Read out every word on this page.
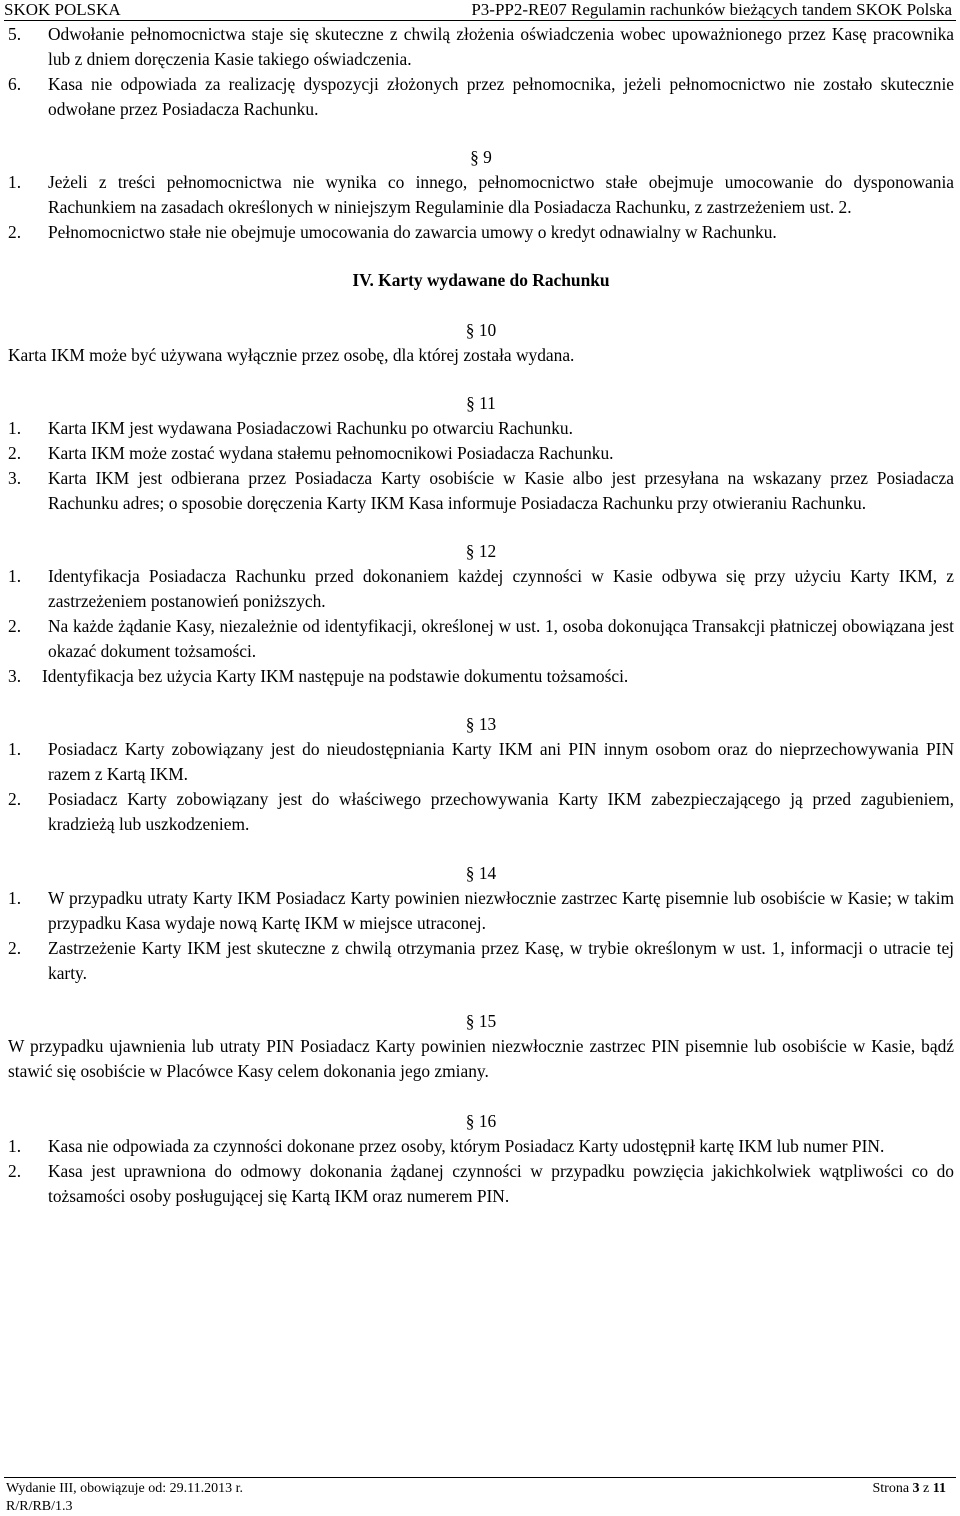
SKOK POLSKA	P3-PP2-RE07 Regulamin rachunków bieżących tandem SKOK Polska
5.	Odwołanie pełnomocnictwa staje się skuteczne z chwilą złożenia oświadczenia wobec upoważnionego przez Kasę pracownika lub z dniem doręczenia Kasie takiego oświadczenia.
6.	Kasa nie odpowiada za realizację dyspozycji złożonych przez pełnomocnika, jeżeli pełnomocnictwo nie zostało skutecznie odwołane przez Posiadacza Rachunku.
§ 9
1.	Jeżeli z treści pełnomocnictwa nie wynika co innego, pełnomocnictwo stałe obejmuje umocowanie do dysponowania Rachunkiem na zasadach określonych w niniejszym Regulaminie dla Posiadacza Rachunku, z zastrzeżeniem ust. 2.
2.	Pełnomocnictwo stałe nie obejmuje umocowania do zawarcia umowy o kredyt odnawialny w Rachunku.
IV. Karty wydawane do Rachunku
§ 10
Karta IKM może być używana wyłącznie przez osobę, dla której została wydana.
§ 11
1.	Karta IKM jest wydawana Posiadaczowi Rachunku po otwarciu Rachunku.
2.	Karta IKM może zostać wydana stałemu pełnomocnikowi Posiadacza Rachunku.
3.	Karta IKM jest odbierana przez Posiadacza Karty osobiście w Kasie albo jest przesyłana na wskazany przez Posiadacza Rachunku adres; o sposobie doręczenia Karty IKM Kasa informuje Posiadacza Rachunku przy otwieraniu Rachunku.
§ 12
1.	Identyfikacja Posiadacza Rachunku przed dokonaniem każdej czynności w Kasie odbywa się przy użyciu Karty IKM, z zastrzeżeniem postanowień poniższych.
2.	Na każde żądanie Kasy, niezależnie od identyfikacji, określonej w ust. 1, osoba dokonująca Transakcji płatniczej obowiązana jest okazać dokument tożsamości.
3.	Identyfikacja bez użycia Karty IKM następuje na podstawie dokumentu tożsamości.
§ 13
1.	Posiadacz Karty zobowiązany jest do nieudostępniania Karty IKM ani PIN innym osobom oraz do nieprzechowywania PIN razem z Kartą IKM.
2.	Posiadacz Karty zobowiązany jest do właściwego przechowywania Karty IKM zabezpieczającego ją przed zagubieniem, kradzieżą lub uszkodzeniem.
§ 14
1.	W przypadku utraty Karty IKM Posiadacz Karty powinien niezwłocznie zastrzec Kartę pisemnie lub osobiście w Kasie; w takim przypadku Kasa wydaje nową Kartę IKM w miejsce utraconej.
2.	Zastrzeżenie Karty IKM jest skuteczne z chwilą otrzymania przez Kasę, w trybie określonym w ust. 1, informacji o utracie tej karty.
§ 15
W przypadku ujawnienia lub utraty PIN Posiadacz Karty powinien niezwłocznie zastrzec PIN pisemnie lub osobiście w Kasie, bądź stawić się osobiście w Placówce Kasy celem dokonania jego zmiany.
§ 16
1.	Kasa nie odpowiada za czynności dokonane przez osoby, którym Posiadacz Karty udostępnił kartę IKM lub numer PIN.
2.	Kasa jest uprawniona do odmowy dokonania żądanej czynności w przypadku powzięcia jakichkolwiek wątpliwości co do tożsamości osoby posługującej się Kartą IKM oraz numerem PIN.
Wydanie III, obowiązuje od: 29.11.2013 r.
R/R/RB/1.3
Strona 3 z 11
